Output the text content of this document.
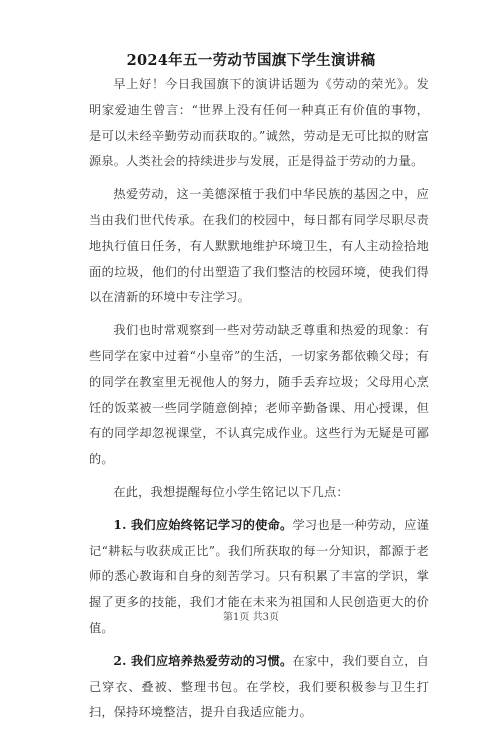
2024年五一劳动节国旗下学生演讲稿

早上好！今日我国旗下的演讲话题为《劳动的荣光》。发明家爱迪生曾言：“世界上没有任何一种真正有价值的事物，是可以未经辛勤劳动而获取的。”诚然，劳动是无可比拟的财富源泉。人类社会的持续进步与发展，正是得益于劳动的力量。

热爱劳动，这一美德深植于我们中华民族的基因之中，应当由我们世代传承。在我们的校园中，每日都有同学尽职尽责地执行值日任务，有人默默地维护环境卫生，有人主动捡拾地面的垃圾，他们的付出塑造了我们整洁的校园环境，使我们得以在清新的环境中专注学习。

我们也时常观察到一些对劳动缺乏尊重和热爱的现象：有些同学在家中过着“小皇帝”的生活，一切家务都依赖父母；有的同学在教室里无视他人的努力，随手丢弃垃圾；父母用心烹饪的饭菜被一些同学随意倒掉；老师辛勤备课、用心授课，但有的同学却忽视课堂，不认真完成作业。这些行为无疑是可鄙的。

在此，我想提醒每位小学生铭记以下几点：

1. 我们应始终铭记学习的使命。学习也是一种劳动，应谨记“耕耘与收获成正比”。我们所获取的每一分知识，都源于老师的悉心教诲和自身的刻苦学习。只有积累了丰富的学识，掌握了更多的技能，我们才能在未来为祖国和人民创造更大的价值。

2. 我们应培养热爱劳动的习惯。在家中，我们要自立，自己穿衣、叠被、整理书包。在学校，我们要积极参与卫生打扫，保持环境整洁，提升自我适应能力。

第1页 共3页
